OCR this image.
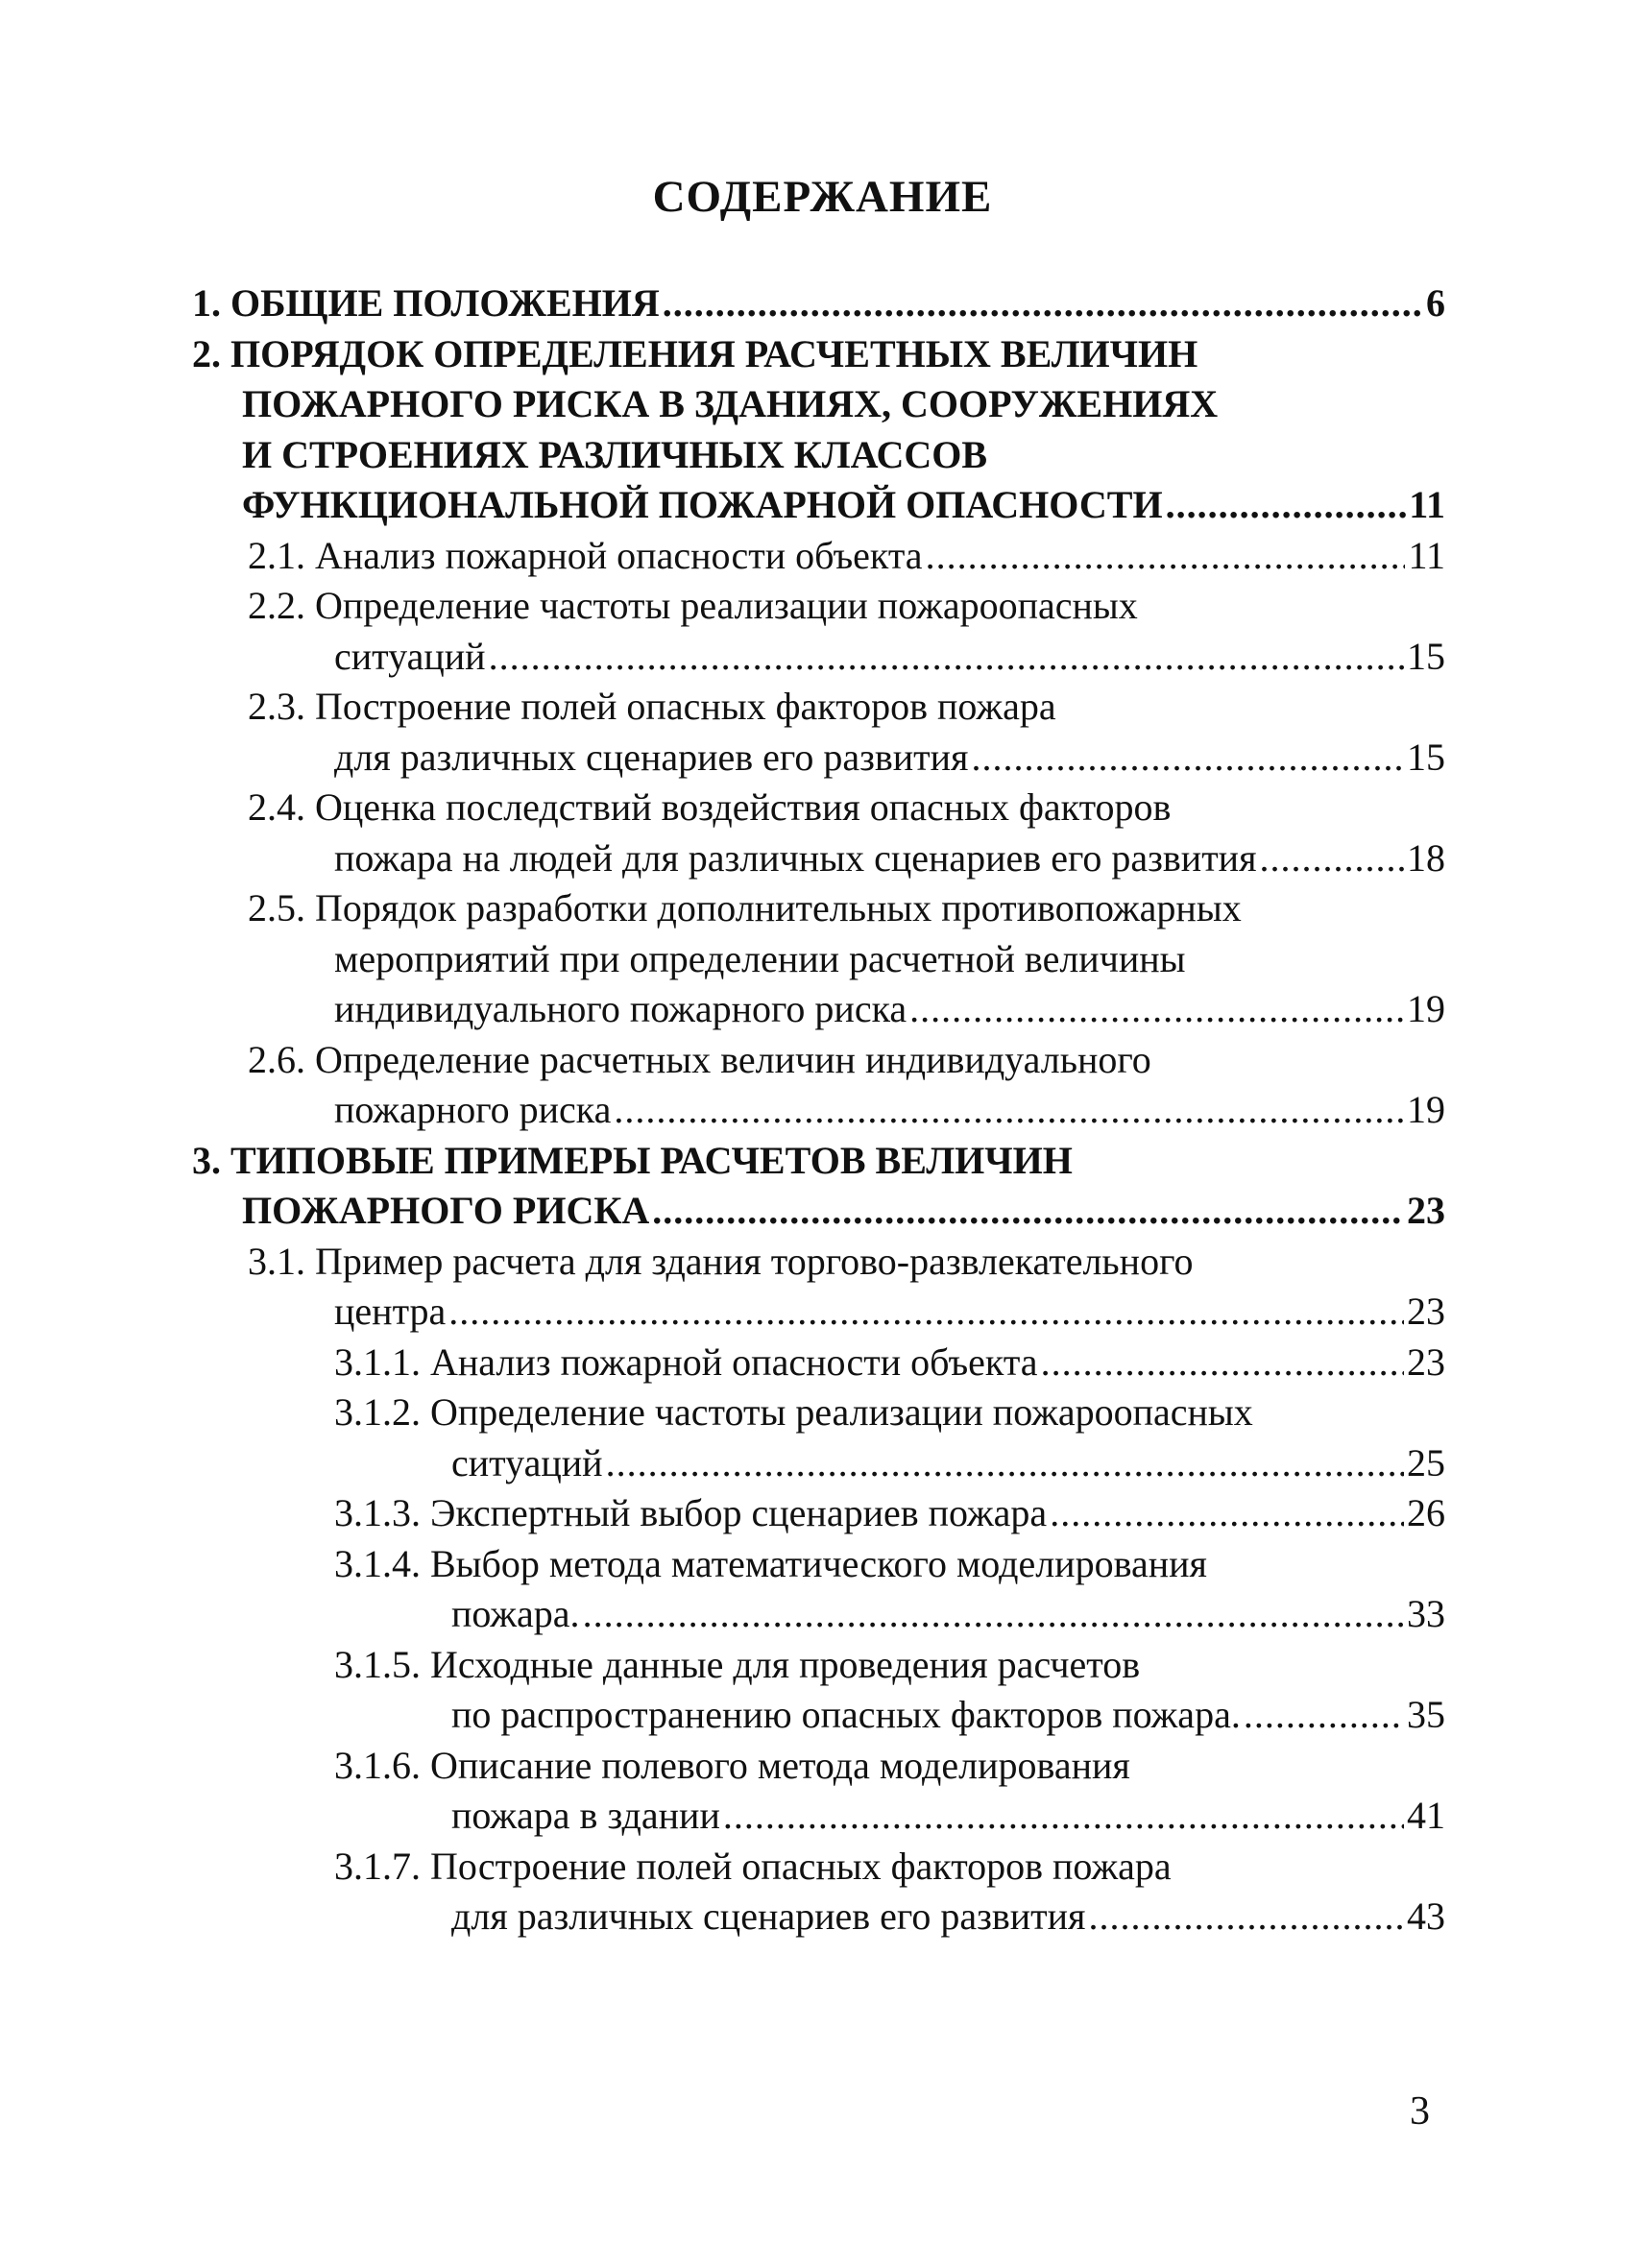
СОДЕРЖАНИЕ
1. ОБЩИЕ ПОЛОЖЕНИЯ .....	6
2. ПОРЯДОК ОПРЕДЕЛЕНИЯ РАСЧЕТНЫХ ВЕЛИЧИН
ПОЖАРНОГО РИСКА В ЗДАНИЯХ, СООРУЖЕНИЯХ
И СТРОЕНИЯХ РАЗЛИЧНЫХ КЛАССОВ
ФУНКЦИОНАЛЬНОЙ ПОЖАРНОЙ ОПАСНОСТИ .....	11
2.1. Анализ пожарной опасности объекта .....	11
2.2. Определение частоты реализации пожароопасных
ситуаций .....	15
2.3. Построение полей опасных факторов пожара
для различных сценариев его развития .....	15
2.4. Оценка последствий воздействия опасных факторов
пожара на людей для различных сценариев его развития .....	18
2.5. Порядок разработки дополнительных противопожарных
мероприятий при определении расчетной величины
индивидуального пожарного риска .....	19
2.6. Определение расчетных величин индивидуального
пожарного риска .....	19
3. ТИПОВЫЕ ПРИМЕРЫ РАСЧЕТОВ ВЕЛИЧИН
ПОЖАРНОГО РИСКА .....	23
3.1. Пример расчета для здания торгово-развлекательного
центра .....	23
3.1.1. Анализ пожарной опасности объекта .....	23
3.1.2. Определение частоты реализации пожароопасных
ситуаций .....	25
3.1.3. Экспертный выбор сценариев пожара .....	26
3.1.4. Выбор метода математического моделирования
пожара. .....	33
3.1.5. Исходные данные для проведения расчетов
по распространению опасных факторов пожара. .....	35
3.1.6. Описание полевого метода моделирования
пожара в здании .....	41
3.1.7. Построение полей опасных факторов пожара
для различных сценариев его развития .....	43
3
